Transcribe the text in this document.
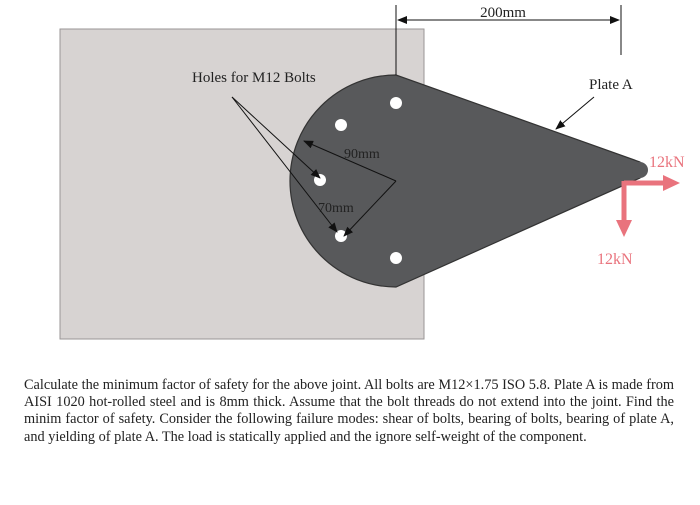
200mm
Holes for M12 Bolts	Plate A
90mm
70mm
12kN
12kN

Calculate the minimum factor of safety for the above joint. All bolts are M12×1.75 ISO 5.8. Plate A is made from AISI 1020 hot-rolled steel and is 8mm thick. Assume that the bolt threads do not extend into the joint. Find the minim factor of safety. Consider the following failure modes: shear of bolts, bearing of bolts, bearing of plate A, and yielding of plate A. The load is statically applied and the ignore self-weight of the component.
